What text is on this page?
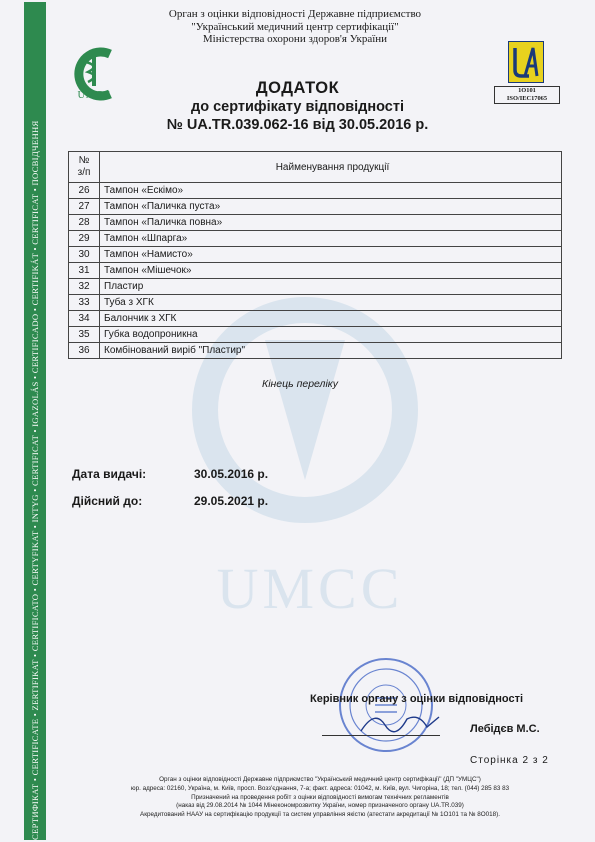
СЕРТИФІКАТ • CERTIFICATE • ZERTIFIKAT • CERTIFICATO • CERTYFIKAT • INTYG • CERTIFICAT • IGAZOLÁS • CERTIFICADO • CERTIFIKÁT • CERTIFICAT • ПОСВІДЧЕННЯ	UMCC
Орган з оцінки відповідності Державне підприємство
"Український медичний центр сертифікації"
Міністерства охорони здоров'я України
UMCC	1O101
ISO/IEC17065
ДОДАТОК
до сертифікату відповідності
№ UA.TR.039.062-16 від 30.05.2016 р.
№
з/п	Найменування продукції
26	Тампон «Ескімо»
27	Тампон «Паличка пуста»
28	Тампон «Паличка повна»
29	Тампон «Шпарга»
30	Тампон «Намисто»
31	Тампон «Мішечок»
32	Пластир
33	Туба з ХГК
34	Балончик з ХГК
35	Губка водопроникна
36	Комбінований виріб "Пластир"
Кінець переліку
Дата видачі:	30.05.2016 р.
Дійсний до:	29.05.2021 р.
Керівник органу з оцінки відповідності
Лебідєв М.С.
Сторінка 2 з 2
Орган з оцінки відповідності Державне підприємство "Український медичний центр сертифікації" (ДП "УМЦС")
юр. адреса: 02160, Україна, м. Київ, просп. Возз'єднання, 7-а; факт. адреса: 01042, м. Київ, вул. Чигоріна, 18; тел. (044) 285 83 83
Призначений на проведення робіт з оцінки відповідності вимогам технічних регламентів
(наказ від 29.08.2014 № 1044 Мінекономрозвитку України, номер призначеного органу UA.TR.039)
Акредитований НААУ на сертифікацію продукції та систем управління якістю (атестати акредитації № 1О101 та № 8О018).
